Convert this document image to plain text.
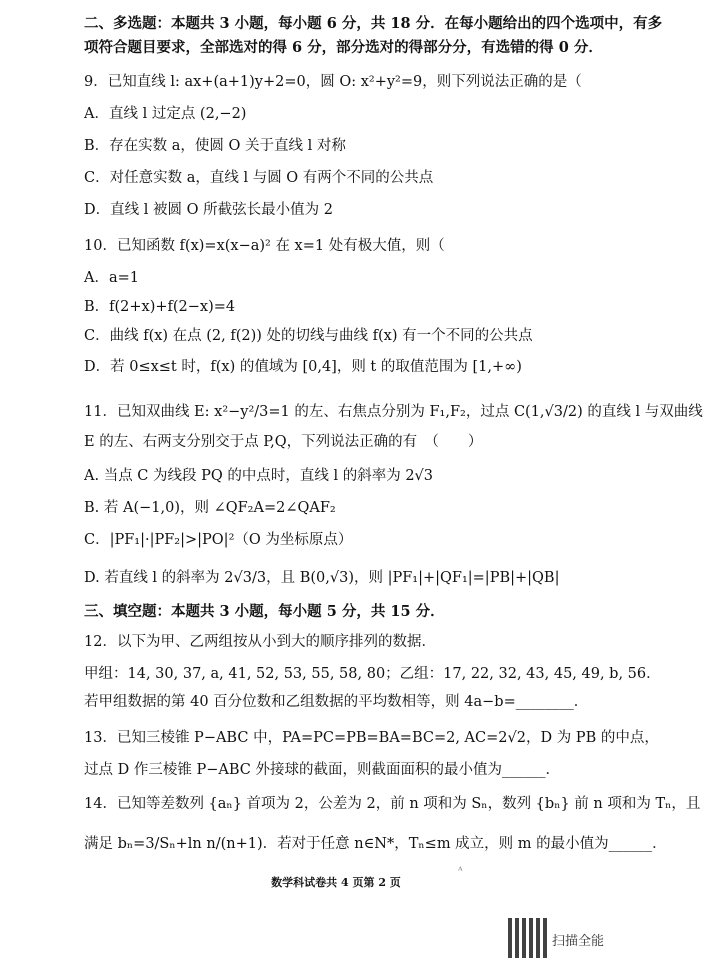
二、多选题：本题共 3 小题，每小题 6 分，共 18 分．在每小题给出的四个选项中，有多
项符合题目要求，全部选对的得 6 分，部分选对的得部分分，有选错的得 0 分．
9．已知直线 l: ax+(a+1)y+2=0，圆 O: x²+y²=9，则下列说法正确的是（
A．直线 l 过定点 (2,−2)
B．存在实数 a，使圆 O 关于直线 l 对称
C．对任意实数 a，直线 l 与圆 O 有两个不同的公共点
D．直线 l 被圆 O 所截弦长最小值为 2
10．已知函数 f(x)=x(x−a)² 在 x=1 处有极大值，则（
A．a=1
B．f(2+x)+f(2−x)=4
C．曲线 f(x) 在点 (2, f(2)) 处的切线与曲线 f(x) 有一个不同的公共点
D．若 0≤x≤t 时，f(x) 的值域为 [0,4]，则 t 的取值范围为 [1,+∞)
11．已知双曲线 E: x²−y²/3=1 的左、右焦点分别为 F₁,F₂，过点 C(1,√3/2) 的直线 l 与双曲线
E 的左、右两支分别交于点 P,Q，下列说法正确的有　（　　）
A. 当点 C 为线段 PQ 的中点时，直线 l 的斜率为 2√3
B. 若 A(−1,0)，则 ∠QF₂A=2∠QAF₂
C．|PF₁|·|PF₂|>|PO|²（O 为坐标原点）
D. 若直线 l 的斜率为 2√3/3，且 B(0,√3)，则 |PF₁|+|QF₁|=|PB|+|QB|
三、填空题：本题共 3 小题，每小题 5 分，共 15 分．
12．以下为甲、乙两组按从小到大的顺序排列的数据．
甲组：14, 30, 37, a, 41, 52, 53, 55, 58, 80；乙组：17, 22, 32, 43, 45, 49, b, 56．
若甲组数据的第 40 百分位数和乙组数据的平均数相等，则 4a−b=________．
13．已知三棱锥 P−ABC 中，PA=PC=PB=BA=BC=2, AC=2√2，D 为 PB 的中点，
过点 D 作三棱锥 P−ABC 外接球的截面，则截面面积的最小值为______．
14．已知等差数列 {aₙ} 首项为 2，公差为 2，前 n 项和为 Sₙ，数列 {bₙ} 前 n 项和为 Tₙ，且
满足 bₙ=3/Sₙ+ln n/(n+1)．若对于任意 n∈N*，Tₙ≤m 成立，则 m 的最小值为______．
ᴬ
数学科试卷共 4 页第 2 页
扫描全能
